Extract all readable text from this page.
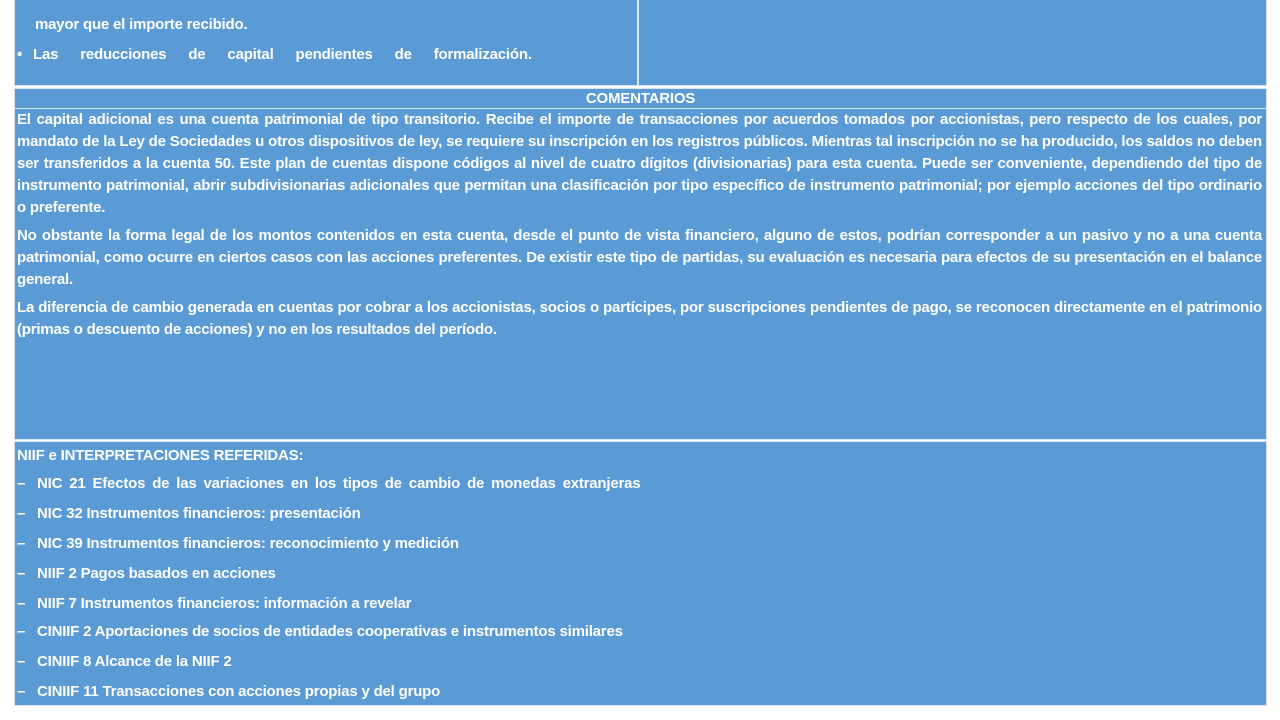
mayor que el importe recibido.
• Las reducciones de capital pendientes de formalización.
COMENTARIOS

El capital adicional es una cuenta patrimonial de tipo transitorio. Recibe el importe de transacciones por acuerdos tomados por accionistas, pero respecto de los cuales, por mandato de la Ley de Sociedades u otros dispositivos de ley, se requiere su inscripción en los registros públicos. Mientras tal inscripción no se ha producido, los saldos no deben ser transferidos a la cuenta 50. Este plan de cuentas dispone códigos al nivel de cuatro dígitos (divisionarias) para esta cuenta. Puede ser conveniente, dependiendo del tipo de instrumento patrimonial, abrir subdivisionarias adicionales que permitan una clasificación por tipo específico de instrumento patrimonial; por ejemplo acciones del tipo ordinario o preferente.

No obstante la forma legal de los montos contenidos en esta cuenta, desde el punto de vista financiero, alguno de estos, podrían corresponder a un pasivo y no a una cuenta patrimonial, como ocurre en ciertos casos con las acciones preferentes. De existir este tipo de partidas, su evaluación es necesaria para efectos de su presentación en el balance general.

La diferencia de cambio generada en cuentas por cobrar a los accionistas, socios o partícipes, por suscripciones pendientes de pago, se reconocen directamente en el patrimonio (primas o descuento de acciones) y no en los resultados del período.

NIIF e INTERPRETACIONES REFERIDAS:
– NIC 21 Efectos de las variaciones en los tipos de cambio de monedas extranjeras
– NIC 32 Instrumentos financieros: presentación
– NIC 39 Instrumentos financieros: reconocimiento y medición
– NIIF 2 Pagos basados en acciones
– NIIF 7 Instrumentos financieros: información a revelar
– CINIIF 2 Aportaciones de socios de entidades cooperativas e instrumentos similares
– CINIIF 8 Alcance de la NIIF 2
– CINIIF 11 Transacciones con acciones propias y del grupo
